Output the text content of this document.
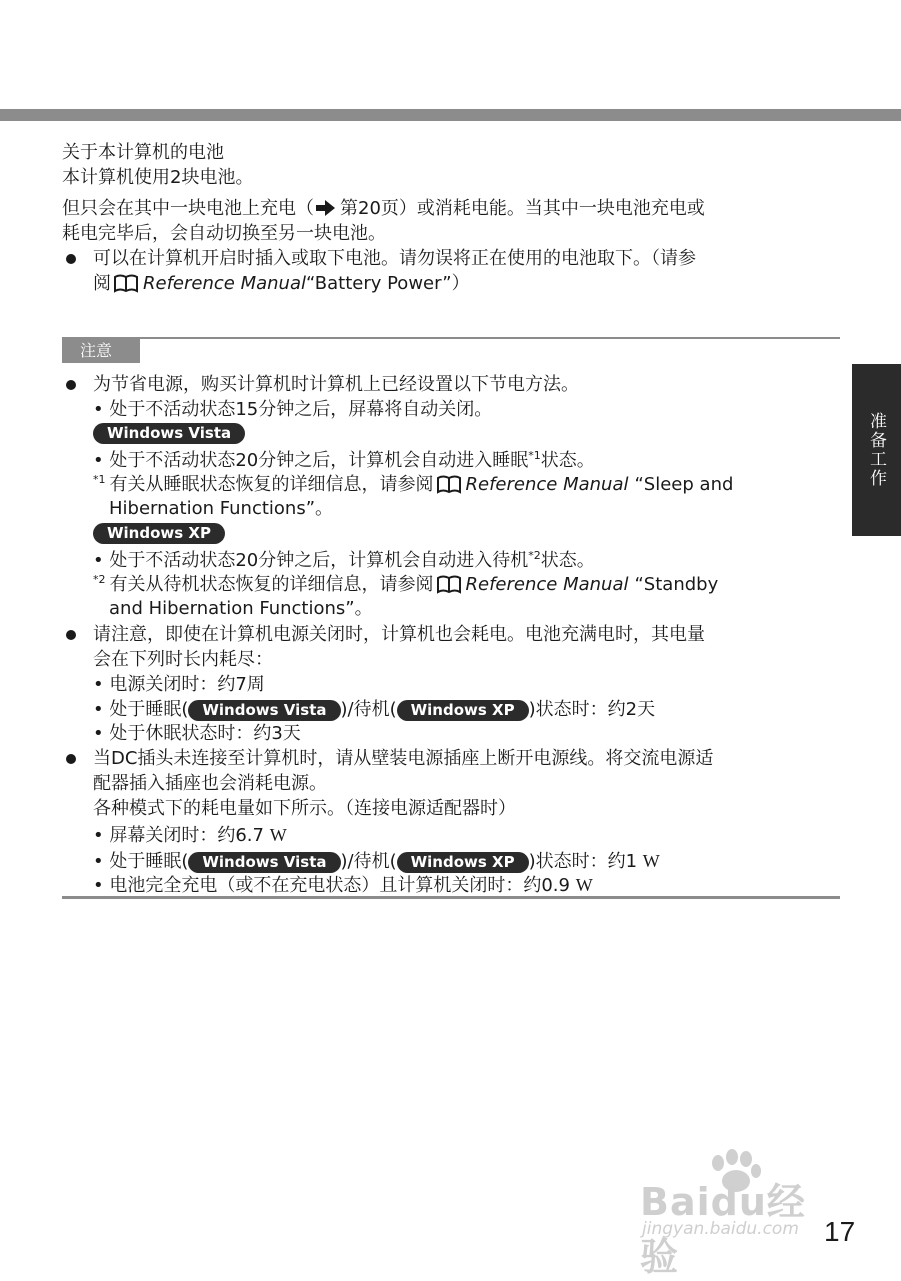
准备工作
关于本计算机的电池
本计算机使用2块电池。
但只会在其中一块电池上充电（ 第20页）或消耗电能。当其中一块电池充电或
耗电完毕后，会自动切换至另一块电池。
可以在计算机开启时插入或取下电池。请勿误将正在使用的电池取下。（请参
阅 Reference Manual“Battery Power”）
注意
为节省电源，购买计算机时计算机上已经设置以下节电方法。
• 处于不活动状态15分钟之后，屏幕将自动关闭。
Windows Vista
• 处于不活动状态20分钟之后，计算机会自动进入睡眠$^{*1}$状态。
$^{*1}$ 有关从睡眠状态恢复的详细信息，请参阅 Reference Manual “Sleep and
Hibernation Functions”。
Windows XP
• 处于不活动状态20分钟之后，计算机会自动进入待机$^{*2}$状态。
$^{*2}$ 有关从待机状态恢复的详细信息，请参阅 Reference Manual “Standby
and Hibernation Functions”。
请注意，即使在计算机电源关闭时，计算机也会耗电。电池充满电时，其电量
会在下列时长内耗尽：
• 电源关闭时：约7周
• 处于睡眠( Windows Vista )/待机( Windows XP )状态时：约2天
• 处于休眠状态时：约3天
当DC插头未连接至计算机时，请从壁装电源插座上断开电源线。将交流电源适
配器插入插座也会消耗电源。
各种模式下的耗电量如下所示。（连接电源适配器时）
• 屏幕关闭时：约6.7 W
• 处于睡眠( Windows Vista )/待机( Windows XP )状态时：约1 W
• 电池完全充电（或不在充电状态）且计算机关闭时：约0.9 W
Baidu经验
jingyan.baidu.com 17
